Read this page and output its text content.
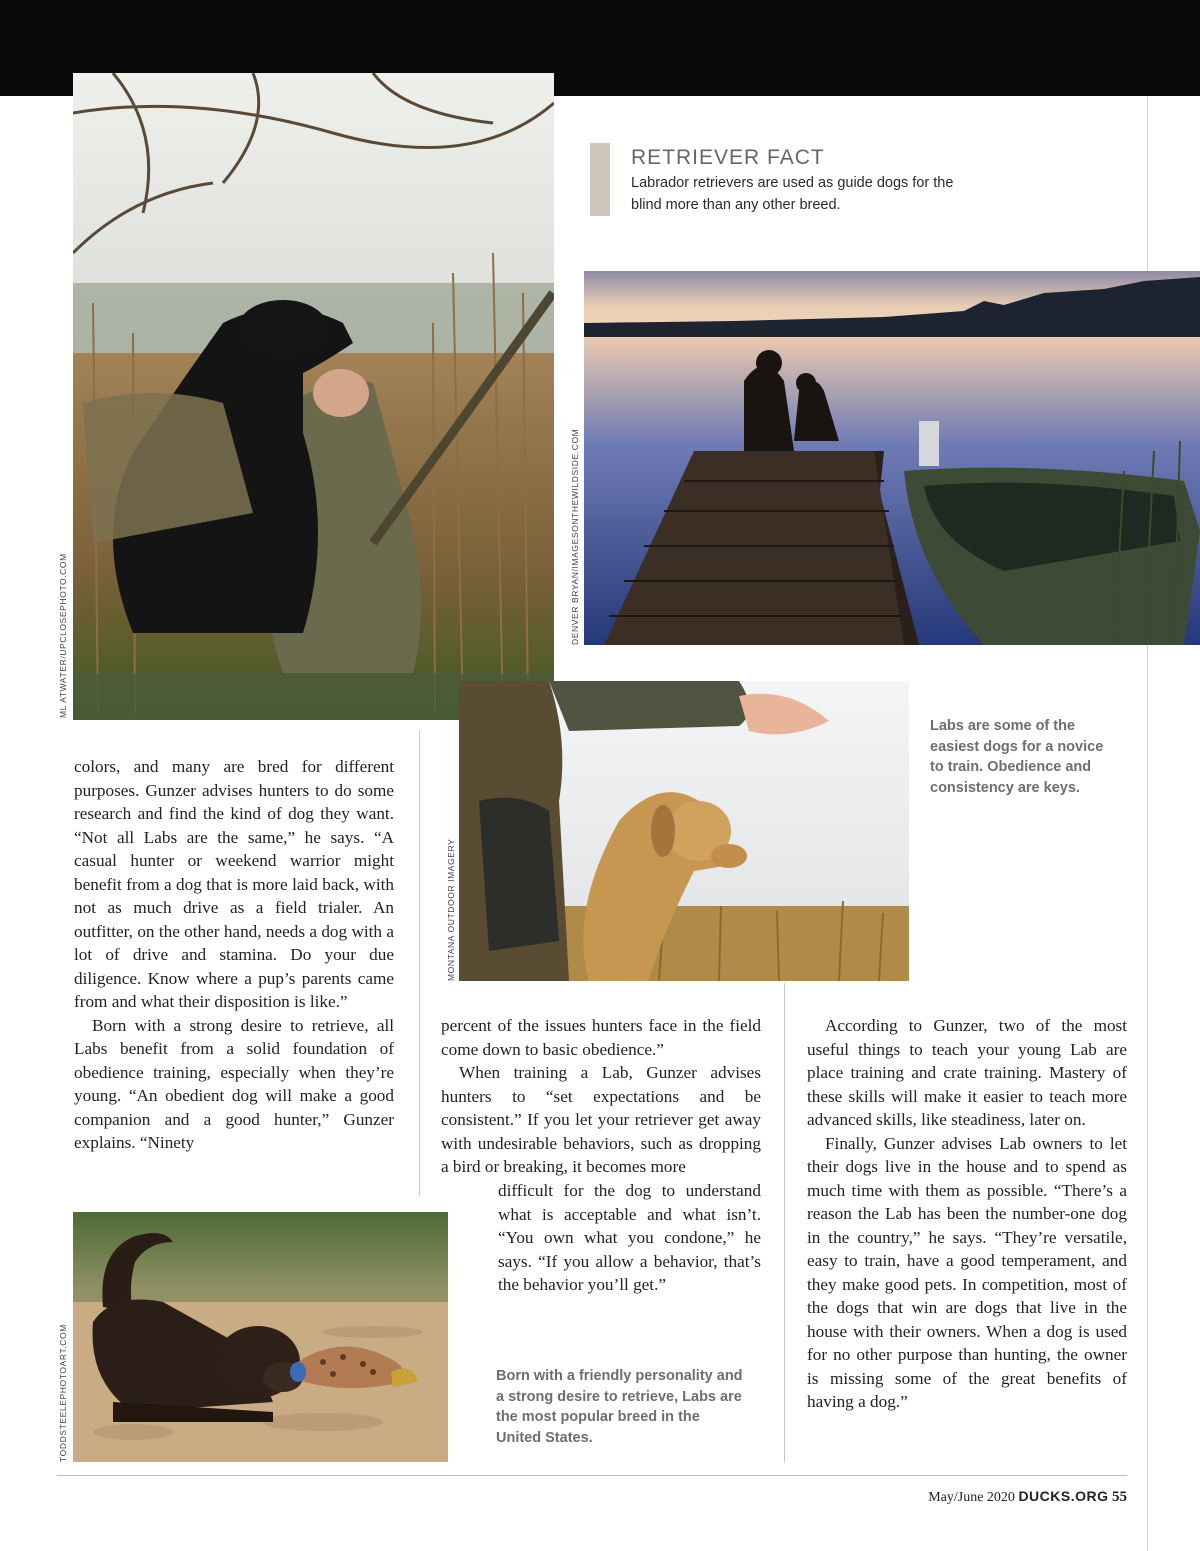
ML ATWATER/UPCLOSEPHOTO.COM
RETRIEVER FACT
Labrador retrievers are used as guide dogs for the blind more than any other breed.
DENVER BRYAN/IMAGESONTHEWILDSIDE.COM
MONTANA OUTDOOR IMAGERY
Labs are some of the easiest dogs for a novice to train. Obedience and consistency are keys.

colors, and many are bred for different purposes. Gunzer advises hunters to do some research and find the kind of dog they want. “Not all Labs are the same,” he says. “A casual hunter or weekend warrior might benefit from a dog that is more laid back, with not as much drive as a field trialer. An outfitter, on the other hand, needs a dog with a lot of drive and stamina. Do your due diligence. Know where a pup’s parents came from and what their disposition is like.”

Born with a strong desire to retrieve, all Labs benefit from a solid foundation of obedience training, especially when they’re young. “An obedient dog will make a good companion and a good hunter,” Gunzer explains. “Ninety

percent of the issues hunters face in the field come down to basic obedience.”

When training a Lab, Gunzer advises hunters to “set expectations and be consistent.” If you let your retriever get away with undesirable behaviors, such as dropping a bird or breaking, it becomes more

difficult for the dog to understand what is acceptable and what isn’t. “You own what you condone,” he says. “If you allow a behavior, that’s the behavior you’ll get.”

According to Gunzer, two of the most useful things to teach your young Lab are place training and crate training. Mastery of these skills will make it easier to teach more advanced skills, like steadiness, later on.

Finally, Gunzer advises Lab owners to let their dogs live in the house and to spend as much time with them as possible. “There’s a reason the Lab has been the number-one dog in the country,” he says. “They’re versatile, easy to train, have a good temperament, and they make good pets. In competition, most of the dogs that win are dogs that live in the house with their owners. When a dog is used for no other purpose than hunting, the owner is missing some of the great benefits of having a dog.”

TODDSTEELEPHOTOART.COM	Born with a friendly personality and a strong desire to retrieve, Labs are the most popular breed in the United States.
May/June 2020 DUCKS.ORG 55
